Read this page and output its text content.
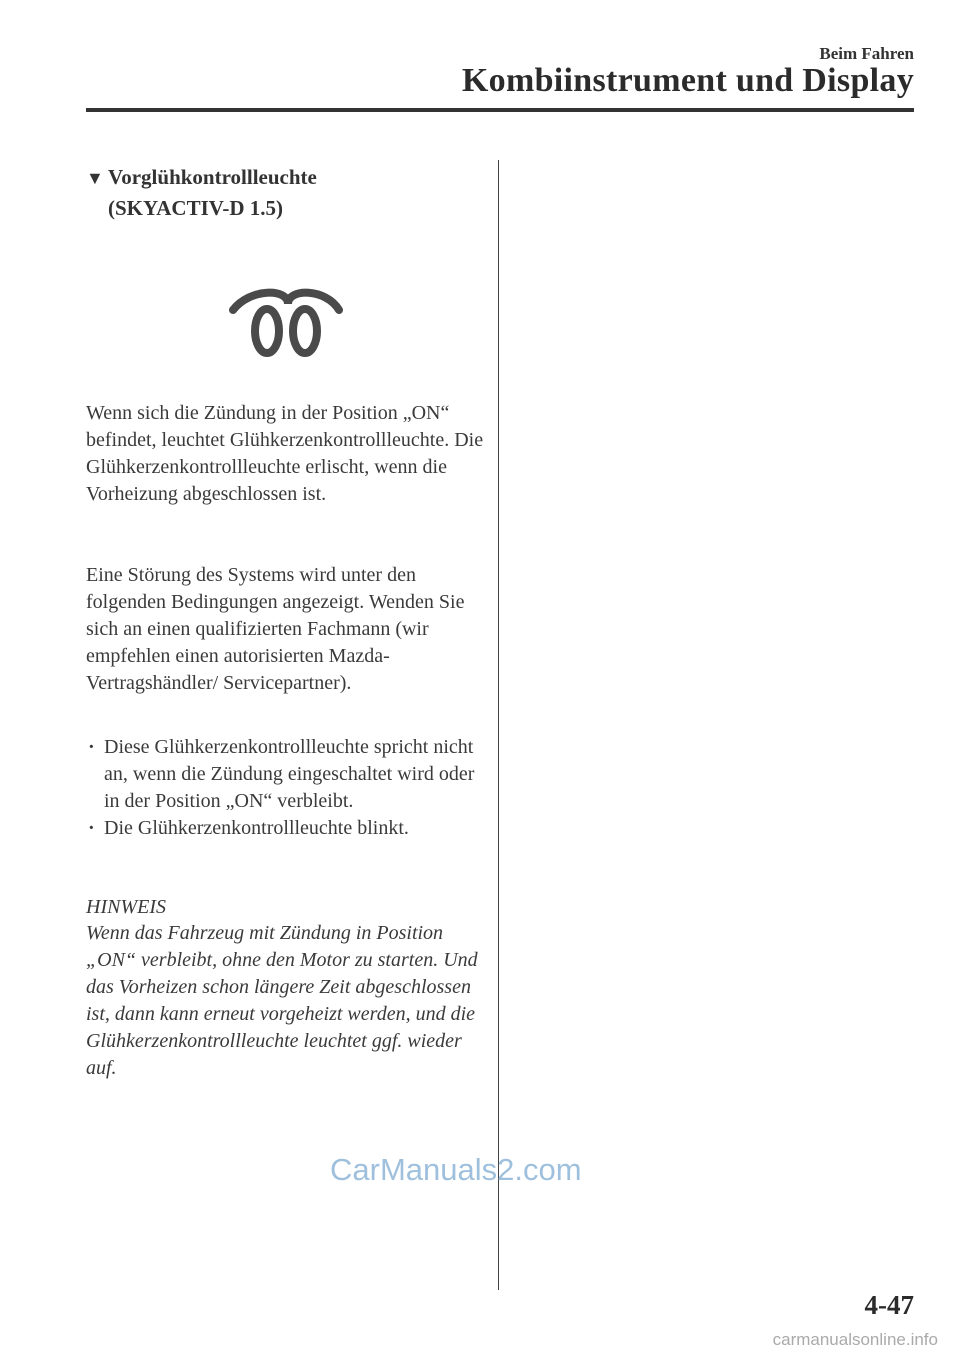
Beim Fahren
Kombiinstrument und Display
▼ Vorglühkontrollleuchte
(SKYACTIV-D 1.5)
Wenn sich die Zündung in der Position „ON“ befindet, leuchtet Glühkerzenkontrollleuchte. Die Glühkerzenkontrollleuchte erlischt, wenn die Vorheizung abgeschlossen ist.
Eine Störung des Systems wird unter den folgenden Bedingungen angezeigt. Wenden Sie sich an einen qualifizierten Fachmann (wir empfehlen einen autorisierten Mazda-Vertragshändler/ Servicepartner).
· Diese Glühkerzenkontrollleuchte spricht nicht an, wenn die Zündung eingeschaltet wird oder in der Position „ON“ verbleibt.
· Die Glühkerzenkontrollleuchte blinkt.
HINWEIS
Wenn das Fahrzeug mit Zündung in Position „ON“ verbleibt, ohne den Motor zu starten. Und das Vorheizen schon längere Zeit abgeschlossen ist, dann kann erneut vorgeheizt werden, und die Glühkerzenkontrollleuchte leuchtet ggf. wieder auf.
CarManuals2.com
4-47
carmanualsonline.info
